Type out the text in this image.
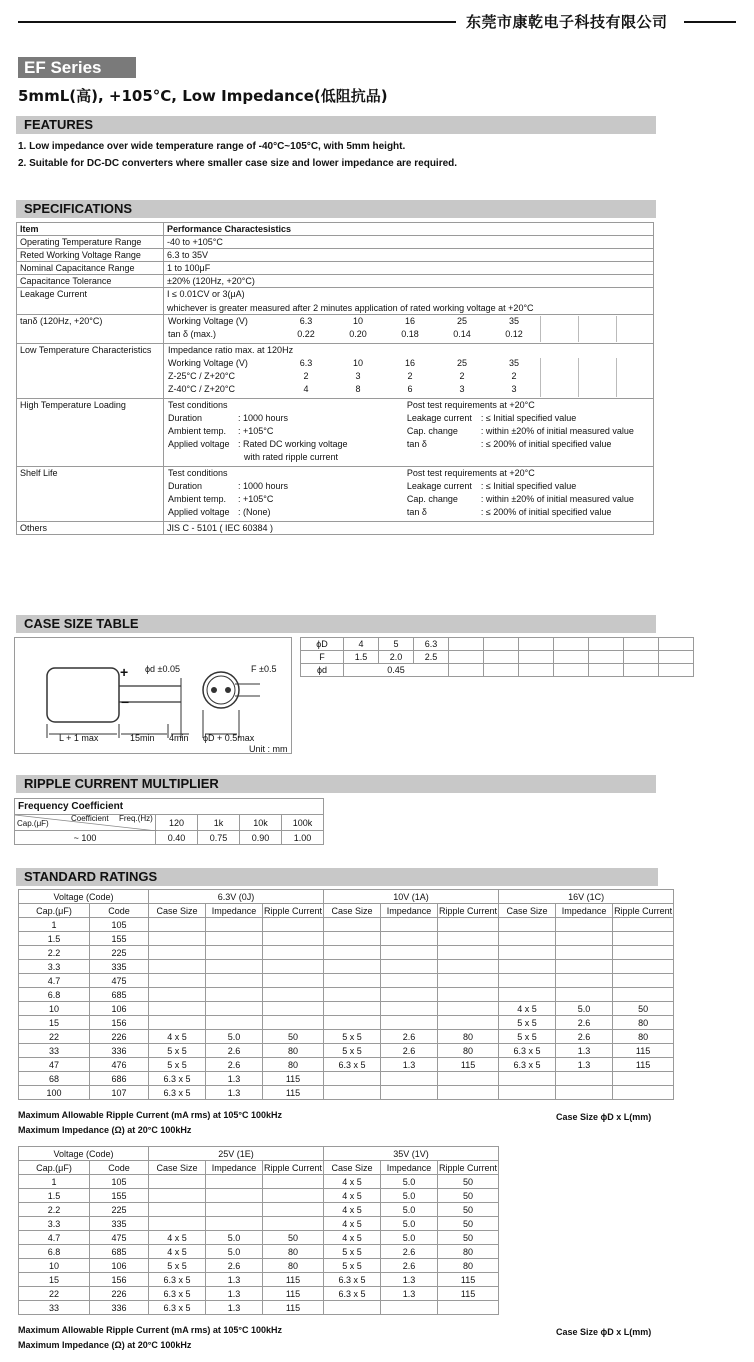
东莞市康乾电子科技有限公司
EF Series
5mmL(高), +105°C, Low Impedance(低阻抗品)
FEATURES
1. Low impedance over wide temperature range of -40°C~105°C, with 5mm height.
2. Suitable for DC-DC converters where smaller case size and lower impedance are required.
SPECIFICATIONS
Item	Performance Charactesistics
Operating Temperature Range	-40 to +105°C
Reted Working Voltage Range	6.3 to 35V
Nominal Capacitance Range	1 to 100μF
Capacitance Tolerance	±20% (120Hz, +20°C)
Leakage Current	I ≤ 0.01CV or 3(μA)
whichever is greater measured after 2 minutes application of rated working voltage at +20°C

tanδ (120Hz, +20°C)		Working Voltage (V)	6.3	10	16	25	35			
tan δ (max.)	0.22	0.20	0.18	0.14	0.12			

Low Temperature Characteristics	Impedance ratio max. at 120Hz
Working Voltage (V)	6.3	10	16	25	35			
Z-25°C / Z+20°C	2	3	2	2	2			
Z-40°C / Z+20°C	4	8	6	3	3			

High Temperature Loading		Test conditions	Post test requirements at +20°C
Duration	: 1000 hours	Leakage current	: ≤ Initial specified value
Ambient temp.	: +105°C	Cap. change	: within ±20% of initial measured value
Applied voltage	: Rated DC working voltage	tan δ	: ≤ 200% of initial specified value
	with rated ripple current		

Shelf Life		Test conditions	Post test requirements at +20°C
Duration	: 1000 hours	Leakage current	: ≤ Initial specified value
Ambient temp.	: +105°C	Cap. change	: within ±20% of initial measured value
Applied voltage	: (None)	tan δ	: ≤ 200% of initial specified value

Others	JIS C - 5101 ( IEC 60384 )
CASE SIZE TABLE
+
−
ϕd ±0.05	F ±0.5
L + 1 max	15min 4min ϕD + 0.5max
Unit : mm
ϕD	4	5	6.3							
F	1.5	2.0	2.5							
ϕd	0.45									
RIPPLE CURRENT MULTIPLIER
Frequency Coefficient					

Cap.(μF)
Coefficient Freq.(Hz)	120	1k	10k	100k	
~ 100	0.40	0.75	0.90	1.00	
STANDARD RATINGS
Voltage (Code)		6.3V (0J)			10V (1A)			16V (1C)		
Cap.(μF)	Code	Case Size	Impedance	Ripple Current	Case Size	Impedance	Ripple Current	Case Size	Impedance	Ripple Current
1	105									
1.5	155									
2.2	225									
3.3	335									
4.7	475									
6.8	685									
10	106							4 x 5	5.0	50
15	156							5 x 5	2.6	80
22	226	4 x 5	5.0	50	5 x 5	2.6	80	5 x 5	2.6	80
33	336	5 x 5	2.6	80	5 x 5	2.6	80	6.3 x 5	1.3	115
47	476	5 x 5	2.6	80	6.3 x 5	1.3	115	6.3 x 5	1.3	115
68	686	6.3 x 5	1.3	115						
100	107	6.3 x 5	1.3	115						
Maximum Allowable Ripple Current (mA rms) at 105°C 100kHz
Maximum Impedance (Ω) at 20°C 100kHz
Case Size ϕD x L(mm)
Voltage (Code)		25V (1E)			35V (1V)		
Cap.(μF)	Code	Case Size	Impedance	Ripple Current	Case Size	Impedance	Ripple Current
1	105				4 x 5	5.0	50
1.5	155				4 x 5	5.0	50
2.2	225				4 x 5	5.0	50
3.3	335				4 x 5	5.0	50
4.7	475	4 x 5	5.0	50	4 x 5	5.0	50
6.8	685	4 x 5	5.0	80	5 x 5	2.6	80
10	106	5 x 5	2.6	80	5 x 5	2.6	80
15	156	6.3 x 5	1.3	115	6.3 x 5	1.3	115
22	226	6.3 x 5	1.3	115	6.3 x 5	1.3	115
33	336	6.3 x 5	1.3	115			
Maximum Allowable Ripple Current (mA rms) at 105°C 100kHz
Maximum Impedance (Ω) at 20°C 100kHz
Case Size ϕD x L(mm)
